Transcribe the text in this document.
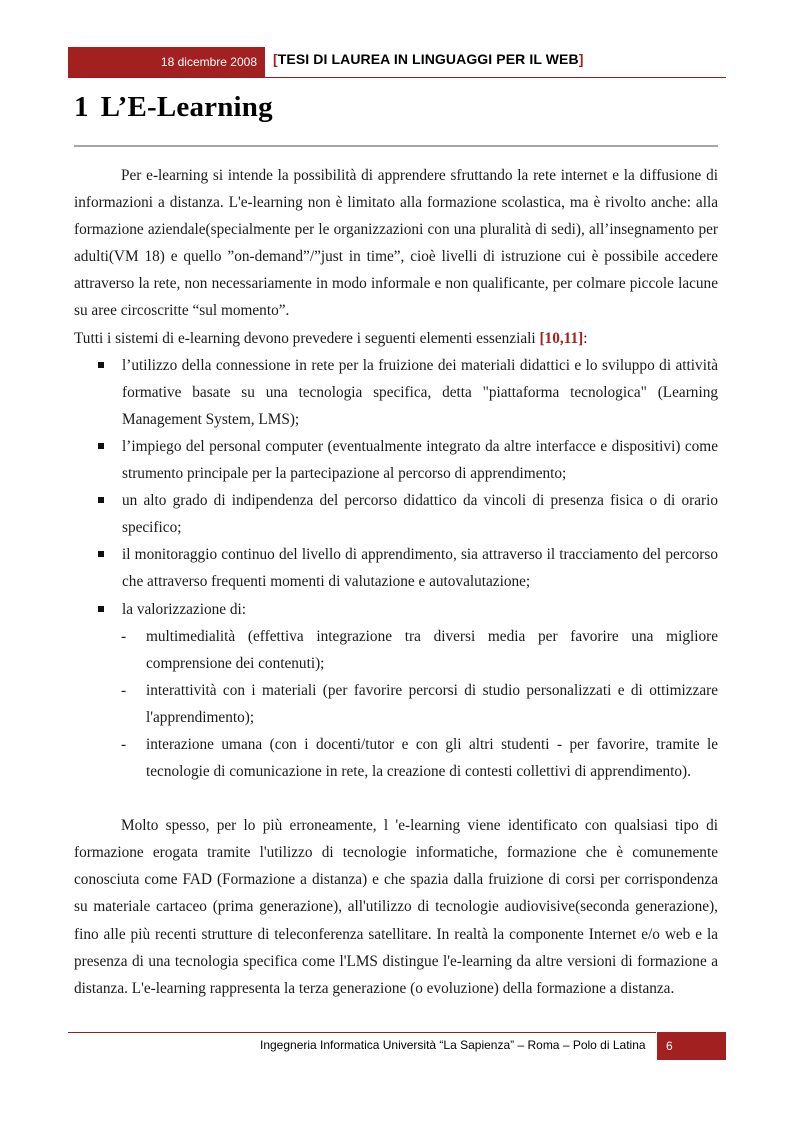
18 dicembre 2008	[TESI DI LAUREA IN LINGUAGGI PER IL WEB]
1 L’E-Learning

Per e-learning si intende la possibilità di apprendere sfruttando la rete internet e la diffusione di informazioni a distanza. L'e-learning non è limitato alla formazione scolastica, ma è rivolto anche: alla formazione aziendale(specialmente per le organizzazioni con una pluralità di sedi), all’insegnamento per adulti(VM 18) e quello ”on-demand”/”just in time”, cioè livelli di istruzione cui è possibile accedere attraverso la rete, non necessariamente in modo informale e non qualificante, per colmare piccole lacune su aree circoscritte “sul momento”.

Tutti i sistemi di e-learning devono prevedere i seguenti elementi essenziali [10,11]:

l’utilizzo della connessione in rete per la fruizione dei materiali didattici e lo sviluppo di attività formative basate su una tecnologia specifica, detta "piattaforma tecnologica" (Learning Management System, LMS);
l’impiego del personal computer (eventualmente integrato da altre interfacce e dispositivi) come strumento principale per la partecipazione al percorso di apprendimento;
un alto grado di indipendenza del percorso didattico da vincoli di presenza fisica o di orario specifico;
il monitoraggio continuo del livello di apprendimento, sia attraverso il tracciamento del percorso che attraverso frequenti momenti di valutazione e autovalutazione;
la valorizzazione di:
- multimedialità (effettiva integrazione tra diversi media per favorire una migliore comprensione dei contenuti);
- interattività con i materiali (per favorire percorsi di studio personalizzati e di ottimizzare l'apprendimento);
- interazione umana (con i docenti/tutor e con gli altri studenti - per favorire, tramite le tecnologie di comunicazione in rete, la creazione di contesti collettivi di apprendimento).

Molto spesso, per lo più erroneamente, l 'e-learning viene identificato con qualsiasi tipo di formazione erogata tramite l'utilizzo di tecnologie informatiche, formazione che è comunemente conosciuta come FAD (Formazione a distanza) e che spazia dalla fruizione di corsi per corrispondenza su materiale cartaceo (prima generazione), all'utilizzo di tecnologie audiovisive(seconda generazione), fino alle più recenti strutture di teleconferenza satellitare. In realtà la componente Internet e/o web e la presenza di una tecnologia specifica come l'LMS distingue l'e-learning da altre versioni di formazione a distanza. L'e-learning rappresenta la terza generazione (o evoluzione) della formazione a distanza.

Ingegneria Informatica Università “La Sapienza” – Roma – Polo di Latina	6
